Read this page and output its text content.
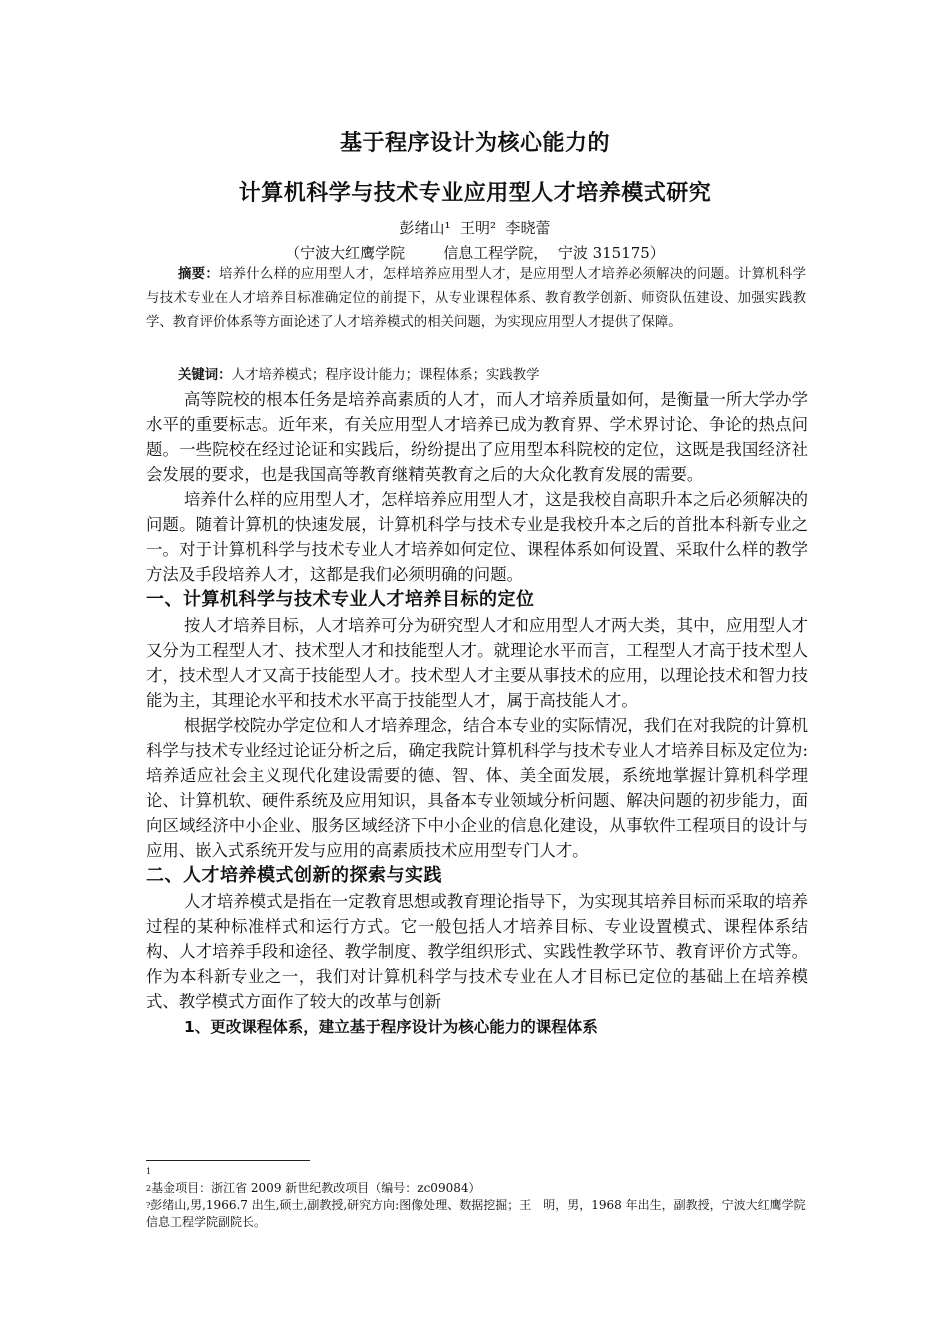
基于程序设计为核心能力的
计算机科学与技术专业应用型人才培养模式研究
彭绪山¹  王明²  李晓蕾
（宁波大红鹰学院        信息工程学院，  宁波 315175）
摘要：培养什么样的应用型人才，怎样培养应用型人才，是应用型人才培养必须解决的问题。计算机科学与技术专业在人才培养目标准确定位的前提下，从专业课程体系、教育教学创新、师资队伍建设、加强实践教学、教育评价体系等方面论述了人才培养模式的相关问题，为实现应用型人才提供了保障。
关键词：人才培养模式；程序设计能力；课程体系；实践教学

高等院校的根本任务是培养高素质的人才，而人才培养质量如何，是衡量一所大学办学水平的重要标志。近年来，有关应用型人才培养已成为教育界、学术界讨论、争论的热点问题。一些院校在经过论证和实践后，纷纷提出了应用型本科院校的定位，这既是我国经济社会发展的要求，也是我国高等教育继精英教育之后的大众化教育发展的需要。

培养什么样的应用型人才，怎样培养应用型人才，这是我校自高职升本之后必须解决的问题。随着计算机的快速发展，计算机科学与技术专业是我校升本之后的首批本科新专业之一。对于计算机科学与技术专业人才培养如何定位、课程体系如何设置、采取什么样的教学方法及手段培养人才，这都是我们必须明确的问题。

一、计算机科学与技术专业人才培养目标的定位

按人才培养目标，人才培养可分为研究型人才和应用型人才两大类，其中，应用型人才又分为工程型人才、技术型人才和技能型人才。就理论水平而言，工程型人才高于技术型人才，技术型人才又高于技能型人才。技术型人才主要从事技术的应用，以理论技术和智力技能为主，其理论水平和技术水平高于技能型人才，属于高技能人才。

根据学校院办学定位和人才培养理念，结合本专业的实际情况，我们在对我院的计算机科学与技术专业经过论证分析之后，确定我院计算机科学与技术专业人才培养目标及定位为:培养适应社会主义现代化建设需要的德、智、体、美全面发展，系统地掌握计算机科学理论、计算机软、硬件系统及应用知识，具备本专业领域分析问题、解决问题的初步能力，面向区域经济中小企业、服务区域经济下中小企业的信息化建设，从事软件工程项目的设计与应用、嵌入式系统开发与应用的高素质技术应用型专门人才。

二、人才培养模式创新的探索与实践

人才培养模式是指在一定教育思想或教育理论指导下，为实现其培养目标而采取的培养过程的某种标准样式和运行方式。它一般包括人才培养目标、专业设置模式、课程体系结构、人才培养手段和途径、教学制度、教学组织形式、实践性教学环节、教育评价方式等。作为本科新专业之一，我们对计算机科学与技术专业在人才目标已定位的基础上在培养模式、教学模式方面作了较大的改革与创新

1、更改课程体系，建立基于程序设计为核心能力的课程体系
$^1$
$^2$基金项目：浙江省 2009 新世纪教改项目（编号：zc09084）
?彭绪山,男,1966.7 出生,硕士,副教授,研究方向:图像处理、数据挖掘；王　明，男，1968 年出生，副教授，宁波大红鹰学院信息工程学院副院长。
